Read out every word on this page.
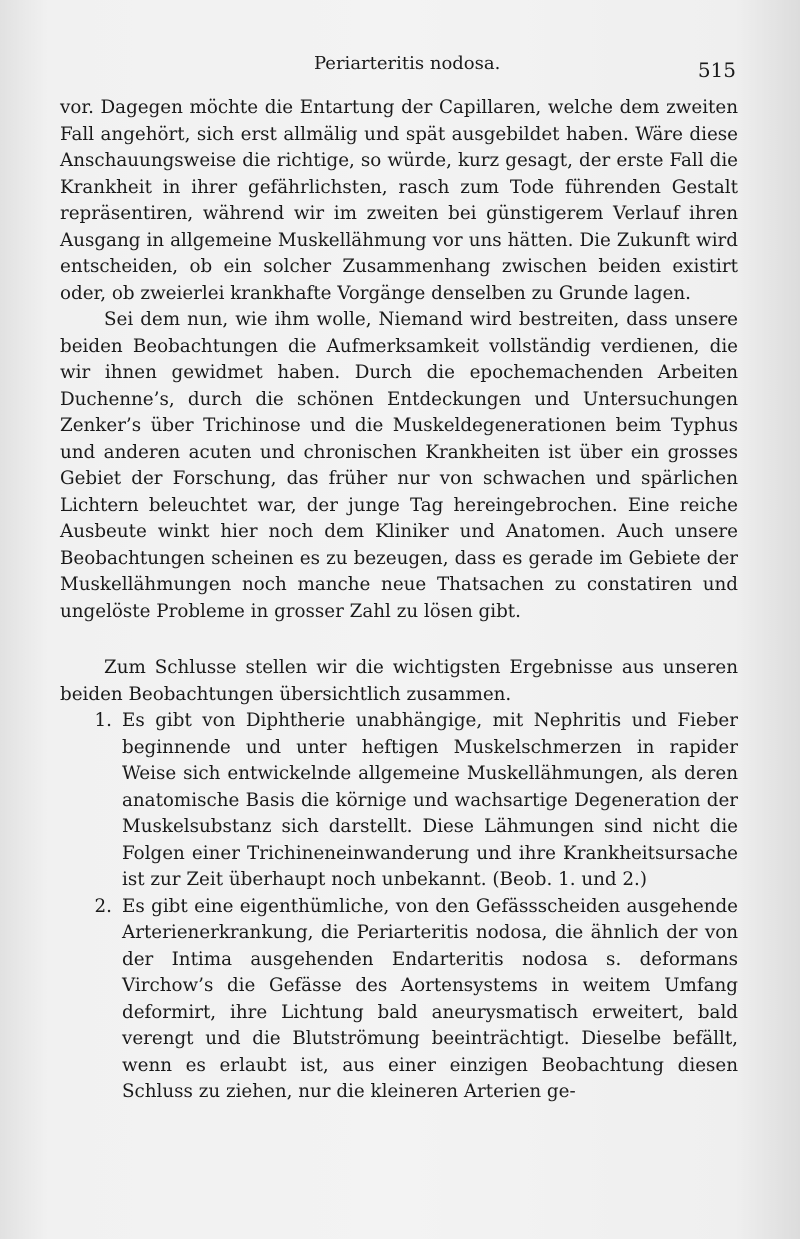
Periarteritis nodosa.	515

vor. Dagegen möchte die Entartung der Capillaren, welche dem zweiten Fall angehört, sich erst allmälig und spät ausgebildet haben. Wäre diese Anschauungsweise die richtige, so würde, kurz gesagt, der erste Fall die Krankheit in ihrer gefährlichsten, rasch zum Tode führenden Gestalt repräsentiren, während wir im zweiten bei günstigerem Verlauf ihren Ausgang in allgemeine Muskellähmung vor uns hätten. Die Zukunft wird entscheiden, ob ein solcher Zusammenhang zwischen beiden existirt oder, ob zweierlei krankhafte Vorgänge denselben zu Grunde lagen.

Sei dem nun, wie ihm wolle, Niemand wird bestreiten, dass unsere beiden Beobachtungen die Aufmerksamkeit vollständig verdienen, die wir ihnen gewidmet haben. Durch die epochemachenden Arbeiten Duchenne’s, durch die schönen Entdeckungen und Untersuchungen Zenker’s über Trichinose und die Muskeldegenerationen beim Typhus und anderen acuten und chronischen Krankheiten ist über ein grosses Gebiet der Forschung, das früher nur von schwachen und spärlichen Lichtern beleuchtet war, der junge Tag hereingebrochen. Eine reiche Ausbeute winkt hier noch dem Kliniker und Anatomen. Auch unsere Beobachtungen scheinen es zu bezeugen, dass es gerade im Gebiete der Muskellähmungen noch manche neue Thatsachen zu constatiren und ungelöste Probleme in grosser Zahl zu lösen gibt.

Zum Schlusse stellen wir die wichtigsten Ergebnisse aus unseren beiden Beobachtungen übersichtlich zusammen.

1. Es gibt von Diphtherie unabhängige, mit Nephritis und Fieber beginnende und unter heftigen Muskelschmerzen in rapider Weise sich entwickelnde allgemeine Muskellähmungen, als deren anatomische Basis die körnige und wachsartige Degeneration der Muskelsubstanz sich darstellt. Diese Lähmungen sind nicht die Folgen einer Trichineneinwanderung und ihre Krankheitsursache ist zur Zeit überhaupt noch unbekannt. (Beob. 1. und 2.)

2. Es gibt eine eigenthümliche, von den Gefässscheiden ausgehende Arterienerkrankung, die Periarteritis nodosa, die ähnlich der von der Intima ausgehenden Endarteritis nodosa s. deformans Virchow’s die Gefässe des Aortensystems in weitem Umfang deformirt, ihre Lichtung bald aneurysmatisch erweitert, bald verengt und die Blutströmung beeinträchtigt. Dieselbe befällt, wenn es erlaubt ist, aus einer einzigen Beobachtung diesen Schluss zu ziehen, nur die kleineren Arterien ge-
